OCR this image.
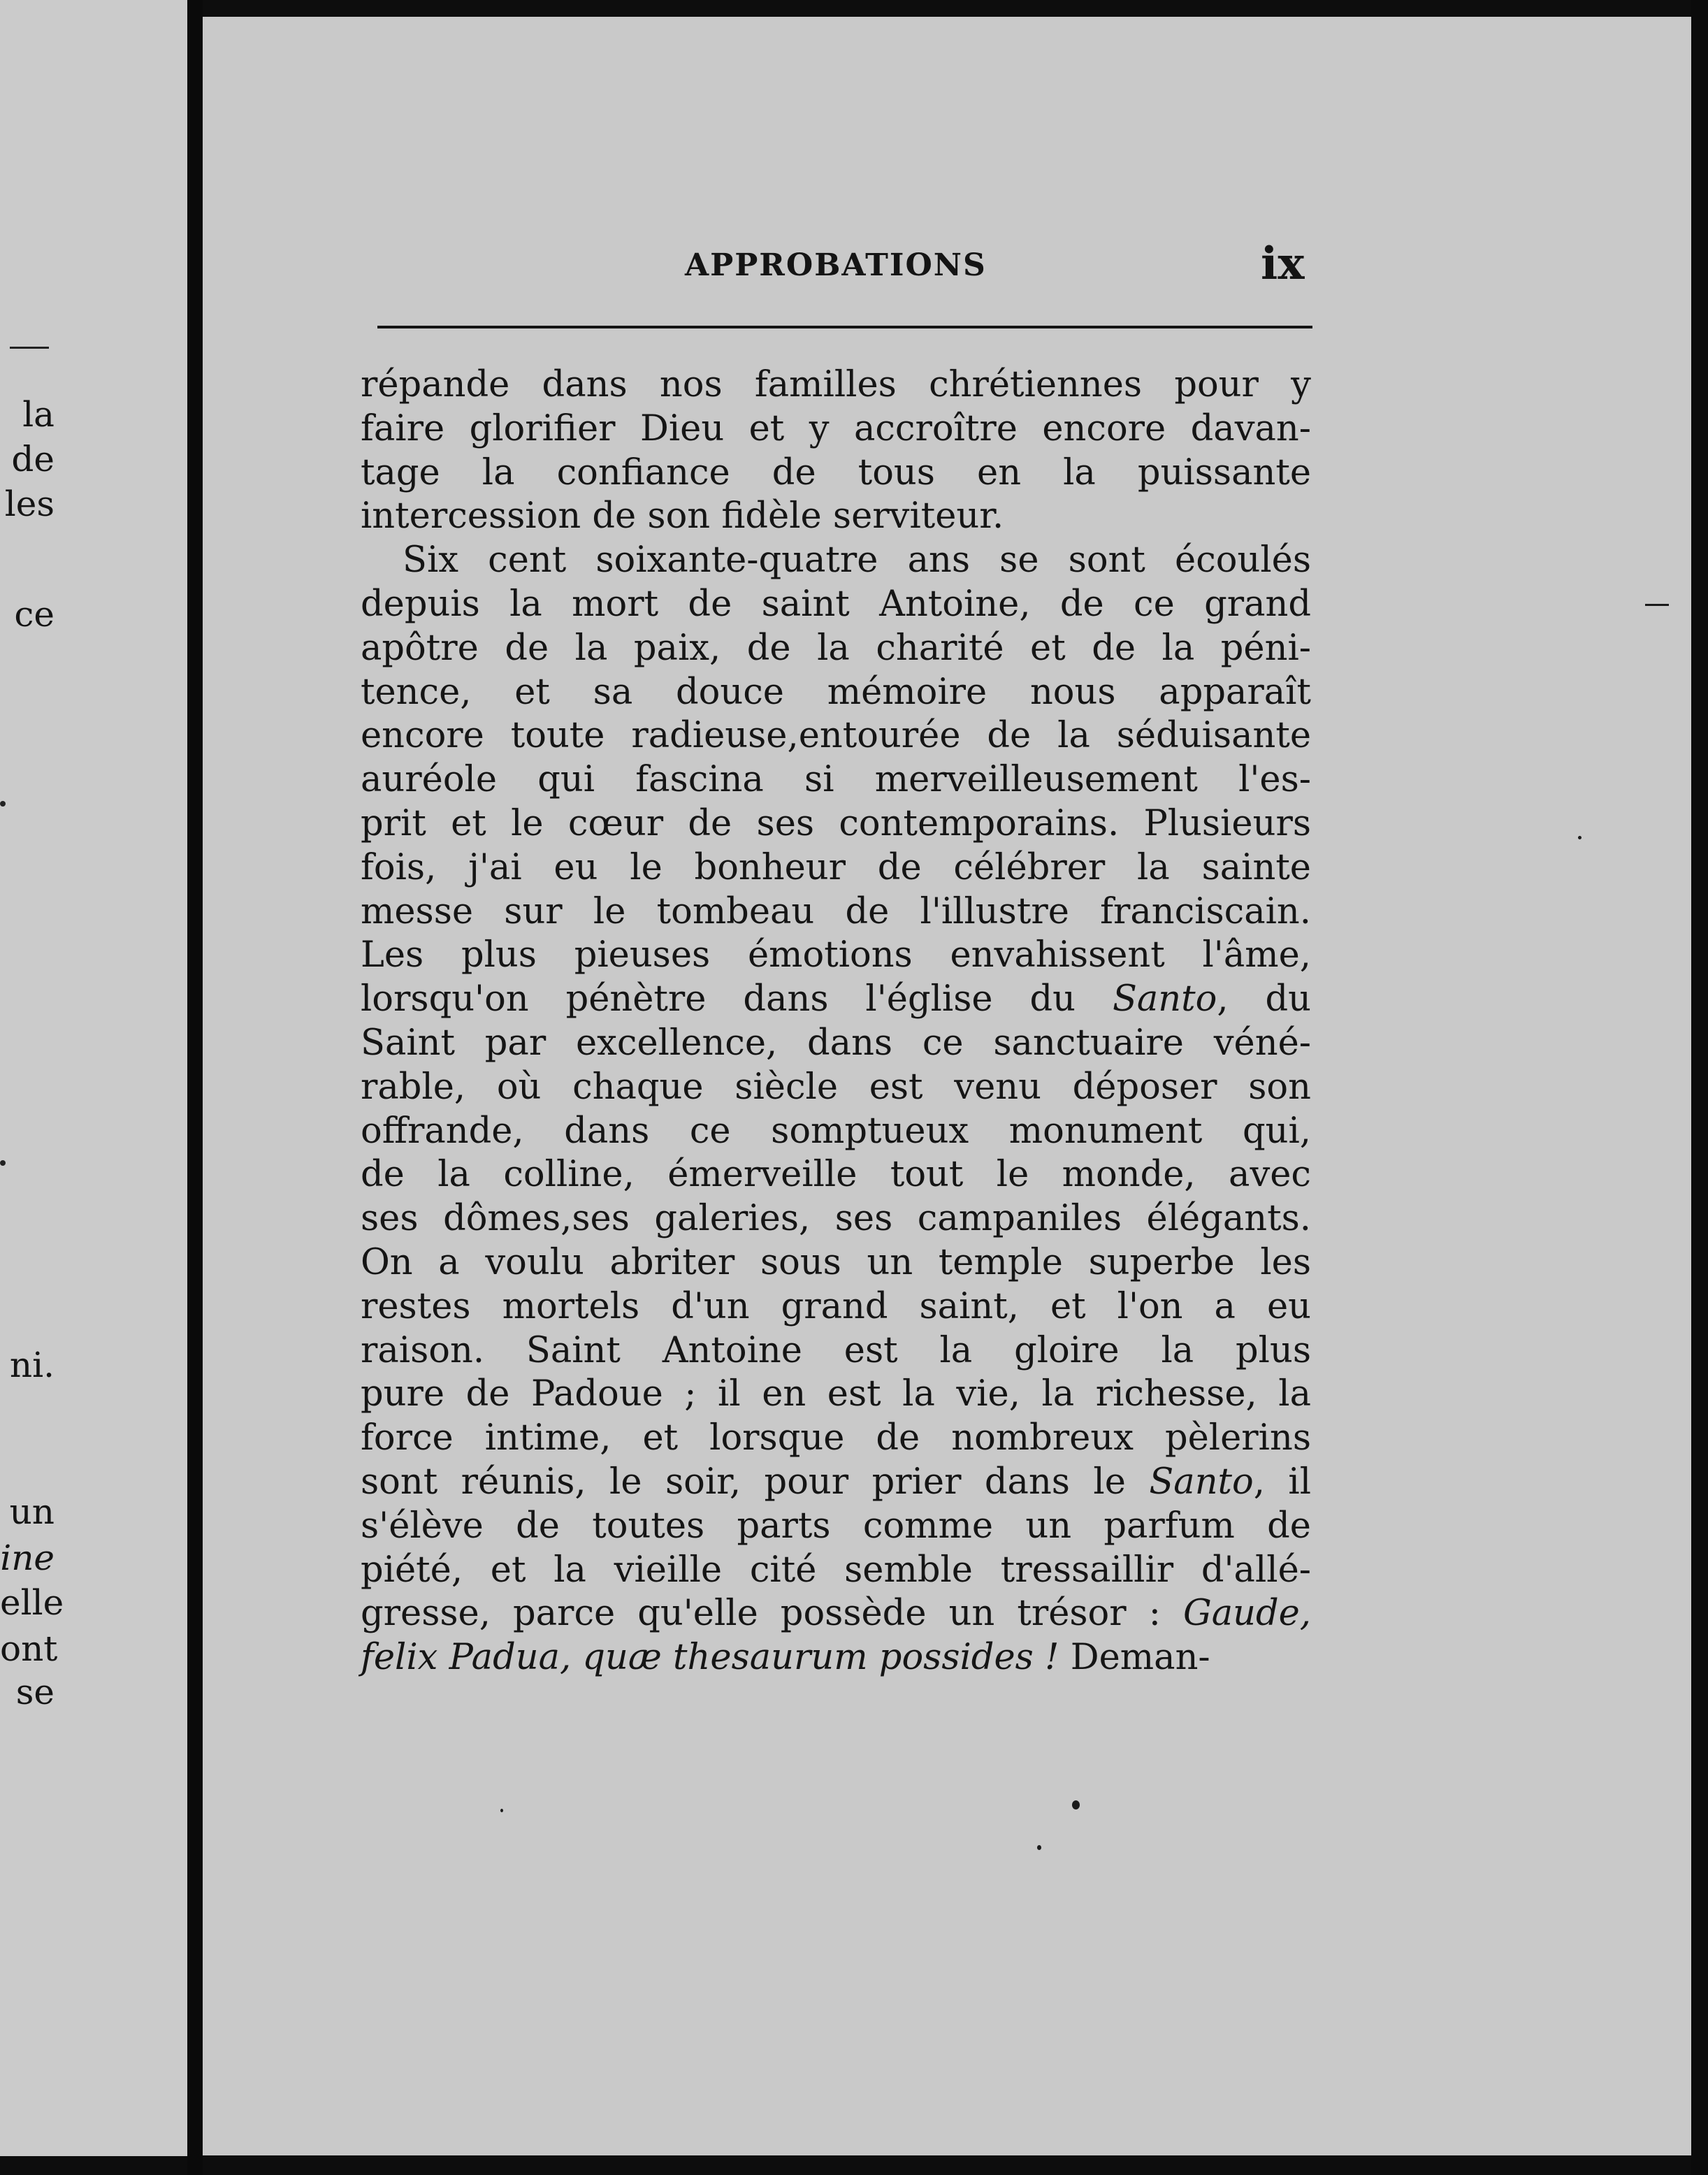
la
de
les
ce
ni.
un
ine
elle
ont
se
APPROBATIONS	ix
répande dans nos familles chrétiennes pour y
faire glorifier Dieu et y accroître encore davan-
tage la confiance de tous en la puissante
intercession de son fidèle serviteur.
Six cent soixante-quatre ans se sont écoulés
depuis la mort de saint Antoine, de ce grand
apôtre de la paix, de la charité et de la péni-
tence, et sa douce mémoire nous apparaît
encore toute radieuse,entourée de la séduisante
auréole qui fascina si merveilleusement l'es-
prit et le cœur de ses contemporains. Plusieurs
fois, j'ai eu le bonheur de célébrer la sainte
messe sur le tombeau de l'illustre franciscain.
Les plus pieuses émotions envahissent l'âme,
lorsqu'on pénètre dans l'église du Santo, du
Saint par excellence, dans ce sanctuaire véné-
rable, où chaque siècle est venu déposer son
offrande, dans ce somptueux monument qui,
de la colline, émerveille tout le monde, avec
ses dômes,ses galeries, ses campaniles élégants.
On a voulu abriter sous un temple superbe les
restes mortels d'un grand saint, et l'on a eu
raison. Saint Antoine est la gloire la plus
pure de Padoue ; il en est la vie, la richesse, la
force intime, et lorsque de nombreux pèlerins
sont réunis, le soir, pour prier dans le Santo, il
s'élève de toutes parts comme un parfum de
piété, et la vieille cité semble tressaillir d'allé-
gresse, parce qu'elle possède un trésor : Gaude,
felix Padua, quæ thesaurum possides ! Deman-
